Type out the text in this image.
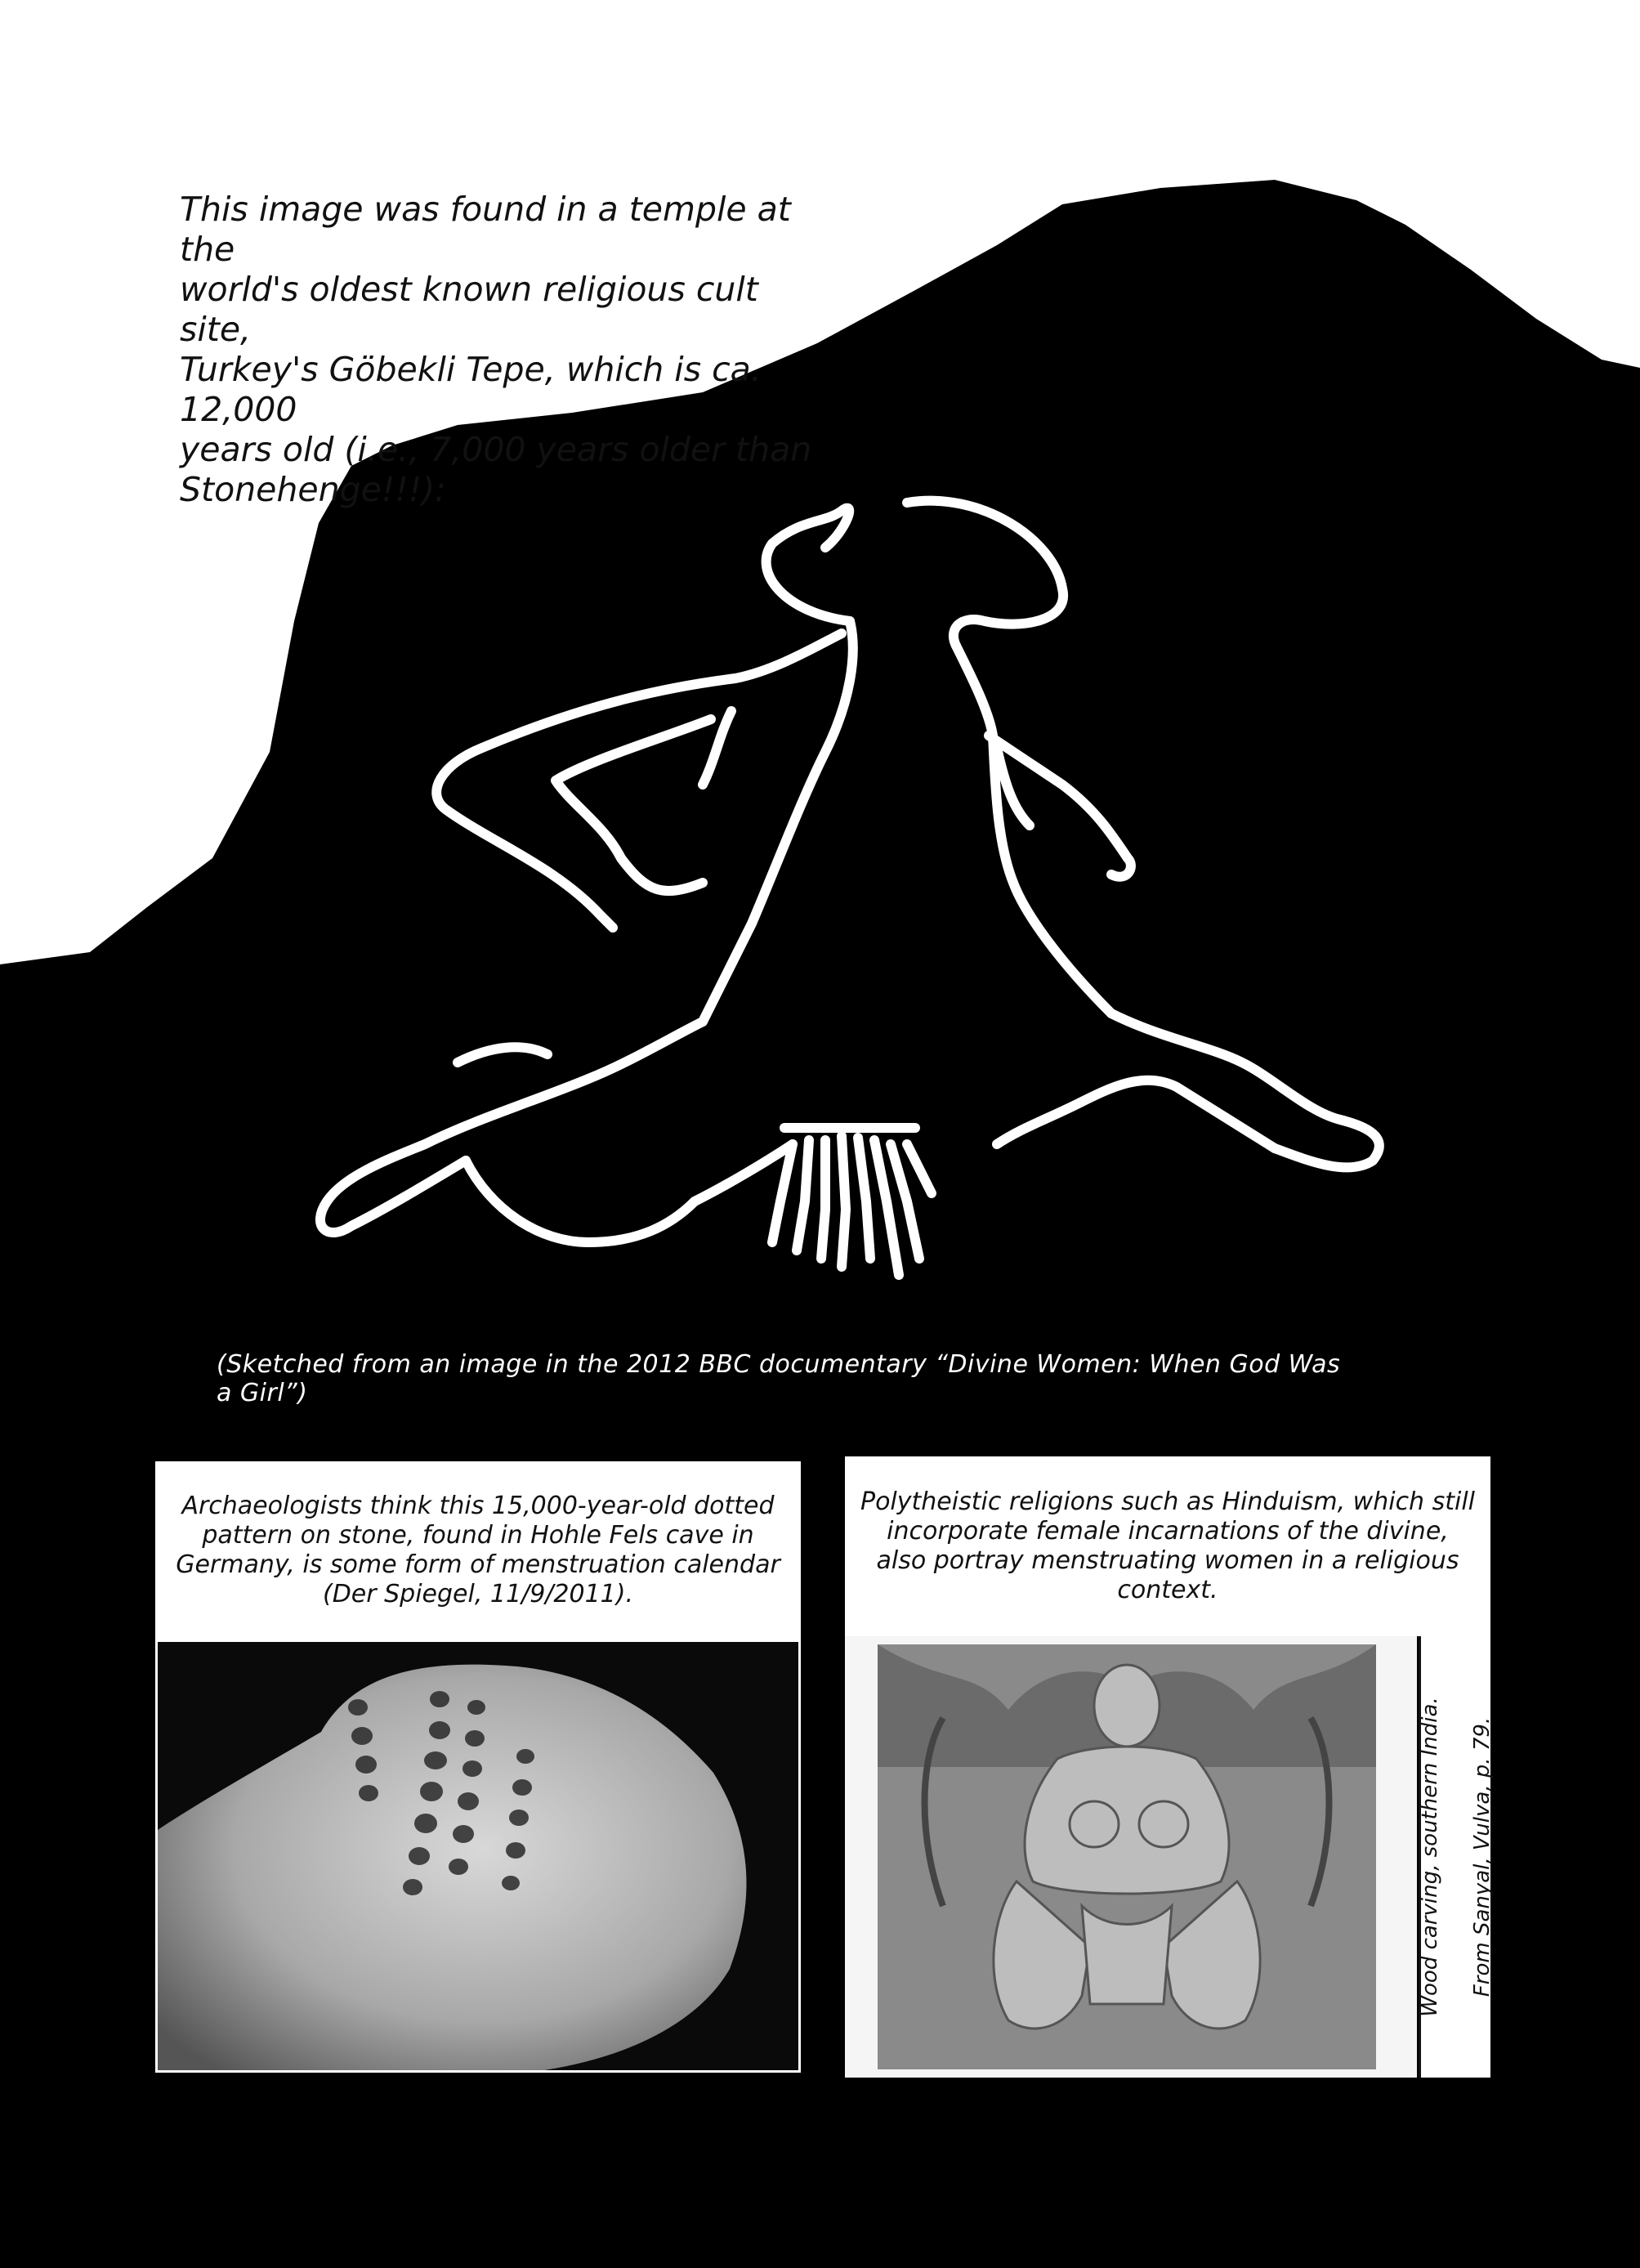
This image was found in a temple at the
world's oldest known religious cult site,
Turkey's Göbekli Tepe, which is ca. 12,000
years old (i.e., 7,000 years older than
Stonehenge!!!):
(Sketched from an image in the 2012 BBC documentary “Divine Women: When God Was a Girl”)
Archaeologists think this 15,000-year-old dotted pattern on stone, found in Hohle Fels cave in Germany, is some form of menstruation calendar (Der Spiegel, 11/9/2011).
Polytheistic religions such as Hinduism, which still incorporate female incarnations of the divine, also portray menstruating women in a religious context.

Wood carving, southern India. From Sanyal, Vulva, p. 79.
